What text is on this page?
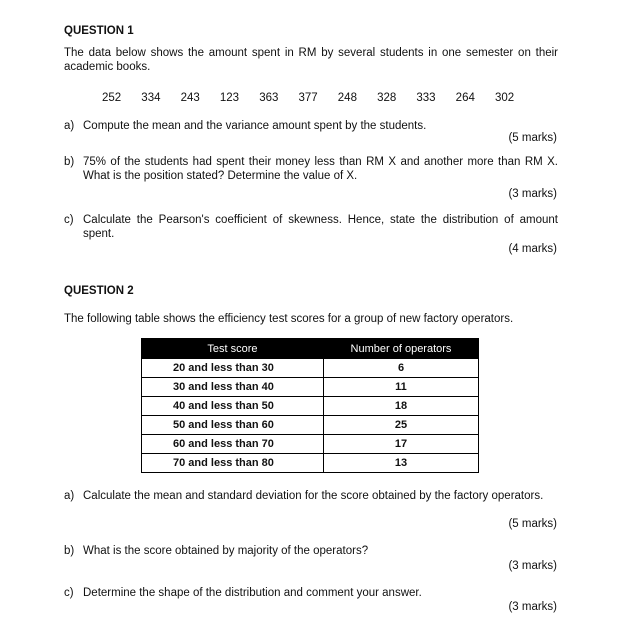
QUESTION 1
The data below shows the amount spent in RM by several students in one semester on their academic books.
252	334	243	123	363	377	248	328	333	264	302
a) Compute the mean and the variance amount spent by the students.
(5 marks)
b) 75% of the students had spent their money less than RM X and another more than RM X. What is the position stated? Determine the value of X.
(3 marks)
c) Calculate the Pearson's coefficient of skewness. Hence, state the distribution of amount spent.
(4 marks)
QUESTION 2
The following table shows the efficiency test scores for a group of new factory operators.
Test score	Number of operators
20 and less than 30	6
30 and less than 40	11
40 and less than 50	18
50 and less than 60	25
60 and less than 70	17
70 and less than 80	13
a) Calculate the mean and standard deviation for the score obtained by the factory operators.
(5 marks)
b) What is the score obtained by majority of the operators?
(3 marks)
c) Determine the shape of the distribution and comment your answer.
(3 marks)
